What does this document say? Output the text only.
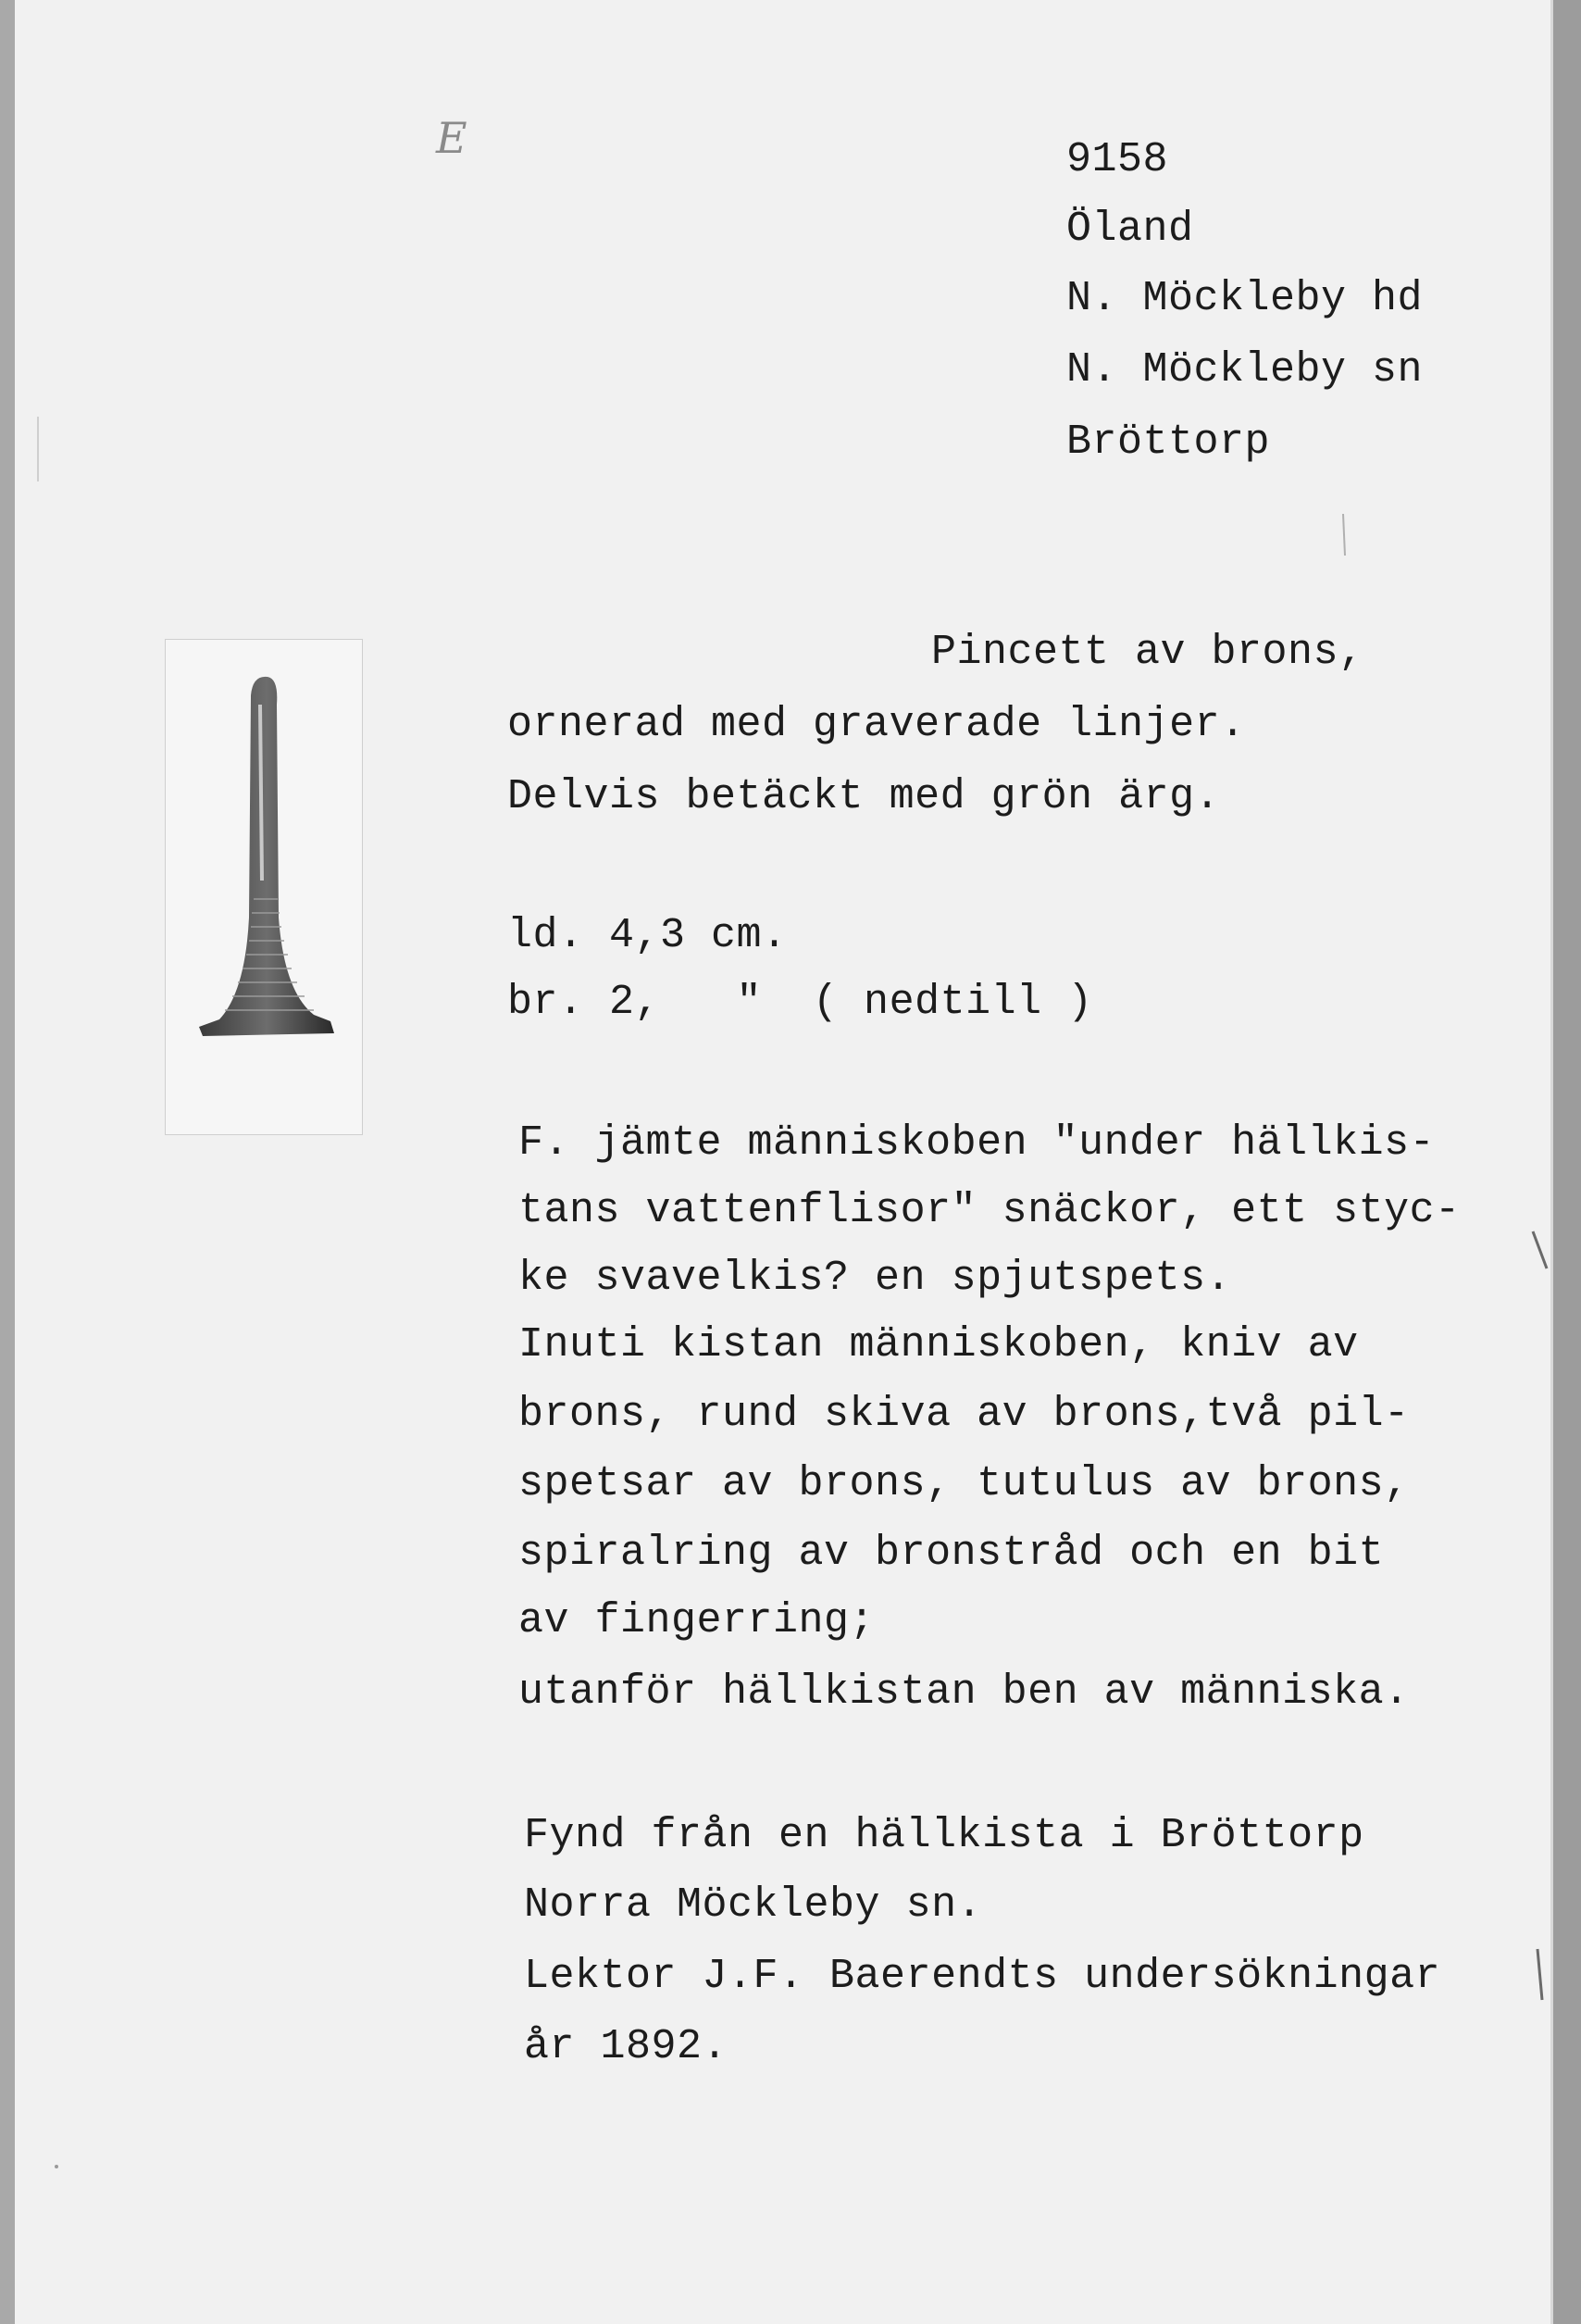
E	9158

Öland

N. Möckleby hd

N. Möckleby sn

Bröttorp

Pincett av brons,

ornerad med graverade linjer.

Delvis betäckt med grön ärg.

ld. 4,3 cm.

br. 2,   "  ( nedtill )

F. jämte människoben "under hällkis-

tans vattenflisor" snäckor, ett styc-

ke svavelkis? en spjutspets.

Inuti kistan människoben, kniv av

brons, rund skiva av brons,två pil-

spetsar av brons, tutulus av brons,

spiralring av bronstråd och en bit

av fingerring;

utanför hällkistan ben av människa.

Fynd från en hällkista i Bröttorp

Norra Möckleby sn.

Lektor J.F. Baerendts undersökningar

år 1892.
